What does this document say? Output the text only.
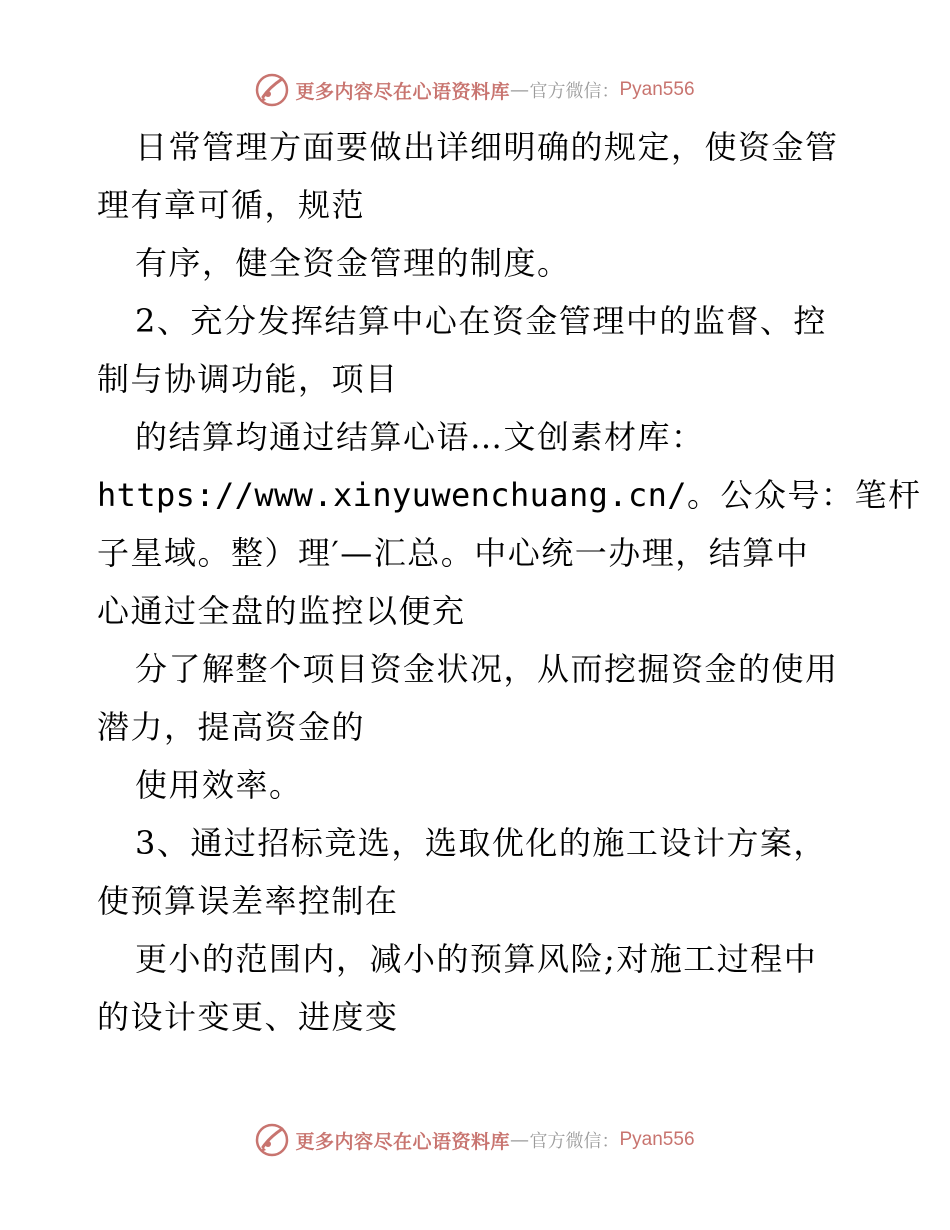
更多内容尽在心语资料库 — 官方微信： Pyan556
日常管理方面要做出详细明确的规定，使资金管
理有章可循，规范
有序，健全资金管理的制度。
2、充分发挥结算中心在资金管理中的监督、控
制与协调功能，项目
的结算均通过结算心语…文创素材库：
https://www.xinyuwenchuang.cn/。公众号：笔杆
子星域。整）理′—汇总。中心统一办理，结算中
心通过全盘的监控以便充
分了解整个项目资金状况，从而挖掘资金的使用
潜力，提高资金的
使用效率。
3、通过招标竞选，选取优化的施工设计方案，
使预算误差率控制在
更小的范围内，减小的预算风险;对施工过程中
的设计变更、进度变
更多内容尽在心语资料库 — 官方微信： Pyan556
